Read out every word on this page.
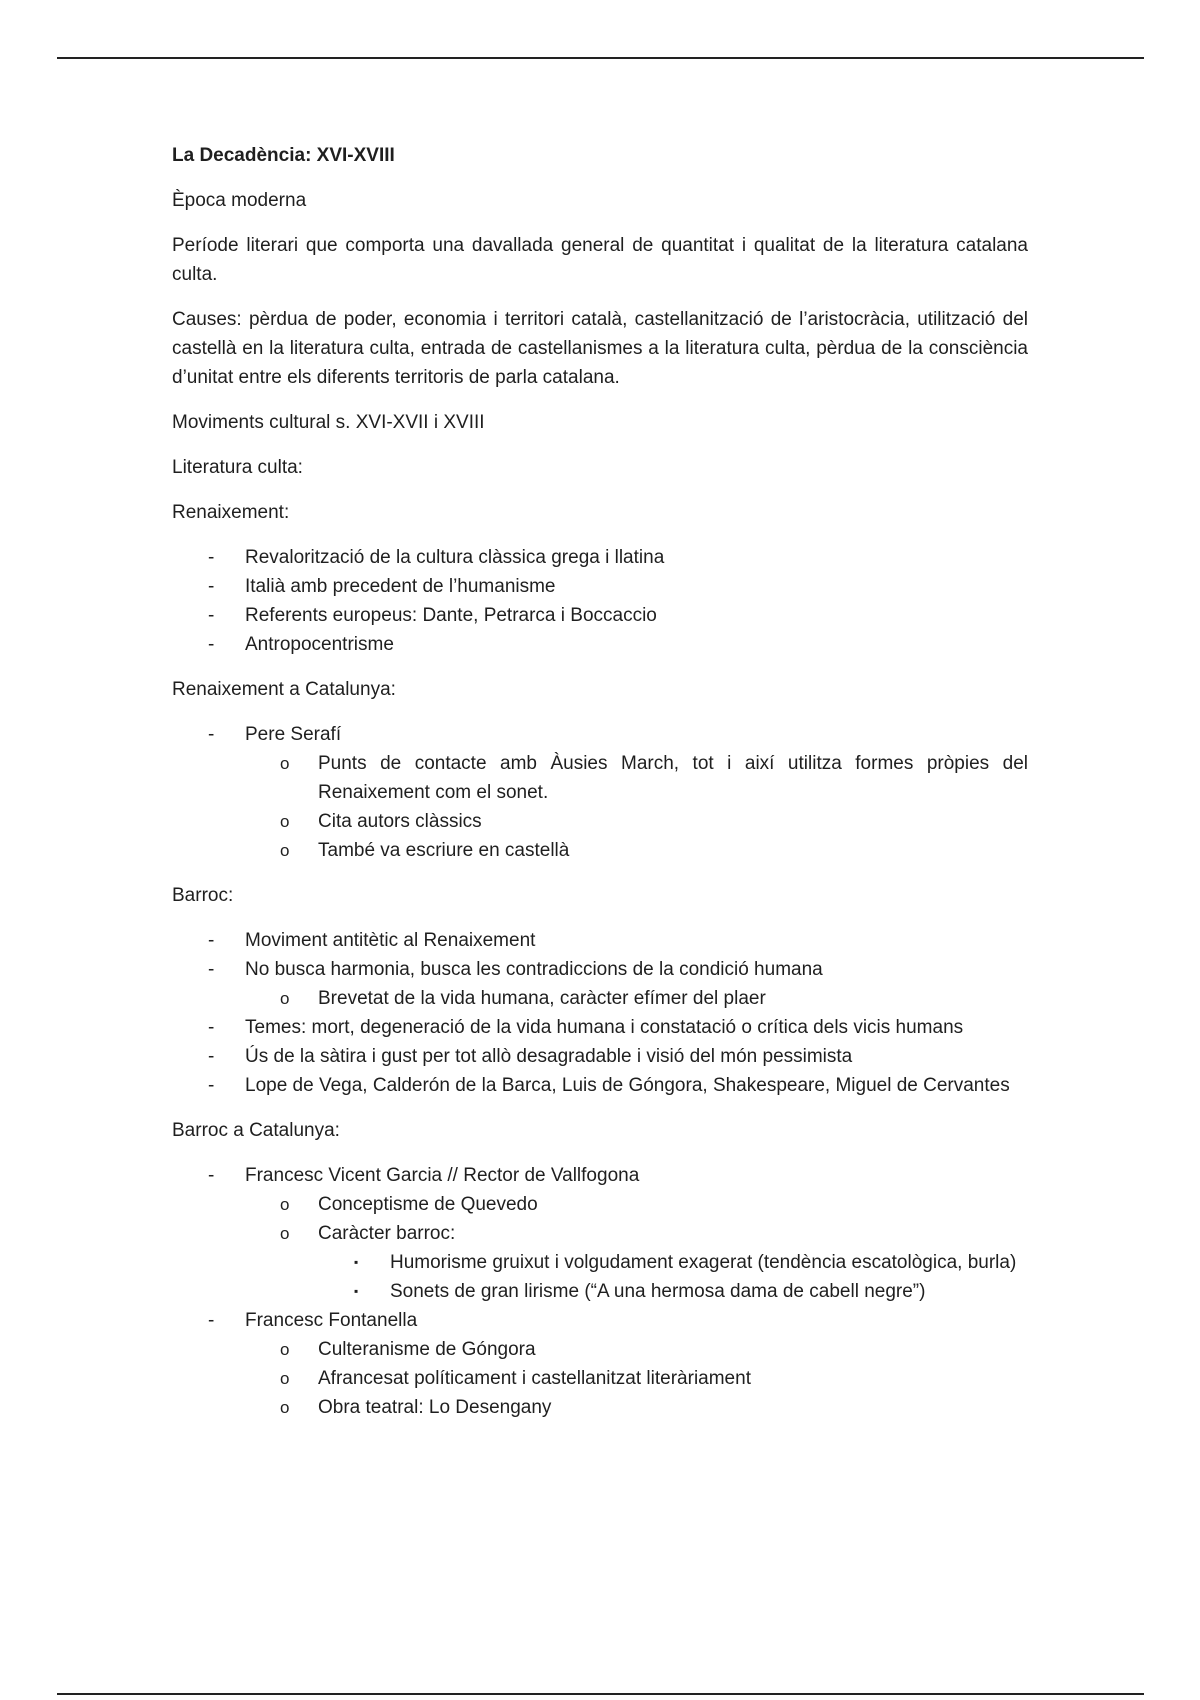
La Decadència: XVI-XVIII

Època moderna

Període literari que comporta una davallada general de quantitat i qualitat de la literatura catalana culta.

Causes: pèrdua de poder, economia i territori català, castellanització de l’aristocràcia, utilització del castellà en la literatura culta, entrada de castellanismes a la literatura culta, pèrdua de la consciència d’unitat entre els diferents territoris de parla catalana.

Moviments cultural s. XVI-XVII i XVIII

Literatura culta:

Renaixement:

- Revalorització de la cultura clàssica grega i llatina
- Italià amb precedent de l’humanisme
- Referents europeus: Dante, Petrarca i Boccaccio
- Antropocentrisme

Renaixement a Catalunya:

- Pere Serafí
o Punts de contacte amb Àusies March, tot i així utilitza formes pròpies del Renaixement com el sonet.
o Cita autors clàssics
o També va escriure en castellà

Barroc:

- Moviment antitètic al Renaixement
- No busca harmonia, busca les contradiccions de la condició humana
o Brevetat de la vida humana, caràcter efímer del plaer
- Temes: mort, degeneració de la vida humana i constatació o crítica dels vicis humans
- Ús de la sàtira i gust per tot allò desagradable i visió del món pessimista
- Lope de Vega, Calderón de la Barca, Luis de Góngora, Shakespeare, Miguel de Cervantes

Barroc a Catalunya:

- Francesc Vicent Garcia // Rector de Vallfogona
o Conceptisme de Quevedo
o Caràcter barroc:
▪ Humorisme gruixut i volgudament exagerat (tendència escatològica, burla)
▪ Sonets de gran lirisme (“A una hermosa dama de cabell negre”)
- Francesc Fontanella
o Culteranisme de Góngora
o Afrancesat políticament i castellanitzat literàriament
o Obra teatral: Lo Desengany
